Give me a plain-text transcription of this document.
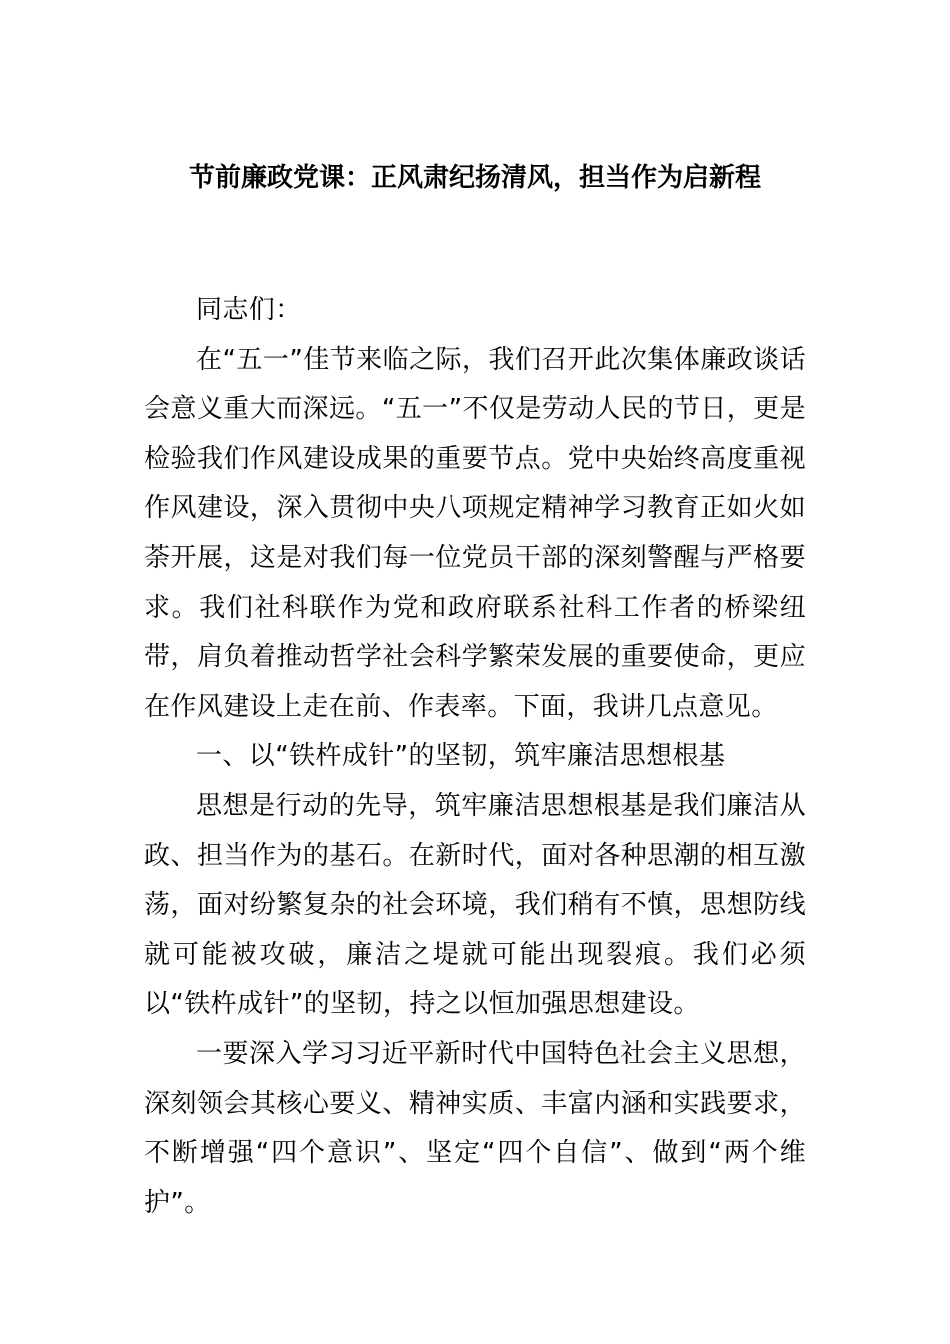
节前廉政党课：正风肃纪扬清风，担当作为启新程

同志们：

在“五一”佳节来临之际，我们召开此次集体廉政谈话会意义重大而深远。“五一”不仅是劳动人民的节日，更是检验我们作风建设成果的重要节点。党中央始终高度重视作风建设，深入贯彻中央八项规定精神学习教育正如火如荼开展，这是对我们每一位党员干部的深刻警醒与严格要求。我们社科联作为党和政府联系社科工作者的桥梁纽带，肩负着推动哲学社会科学繁荣发展的重要使命，更应在作风建设上走在前、作表率。下面，我讲几点意见。

一、以“铁杵成针”的坚韧，筑牢廉洁思想根基

思想是行动的先导，筑牢廉洁思想根基是我们廉洁从政、担当作为的基石。在新时代，面对各种思潮的相互激荡，面对纷繁复杂的社会环境，我们稍有不慎，思想防线就可能被攻破，廉洁之堤就可能出现裂痕。我们必须以“铁杵成针”的坚韧，持之以恒加强思想建设。

一要深入学习习近平新时代中国特色社会主义思想，深刻领会其核心要义、精神实质、丰富内涵和实践要求，不断增强“四个意识”、坚定“四个自信”、做到“两个维护”。
